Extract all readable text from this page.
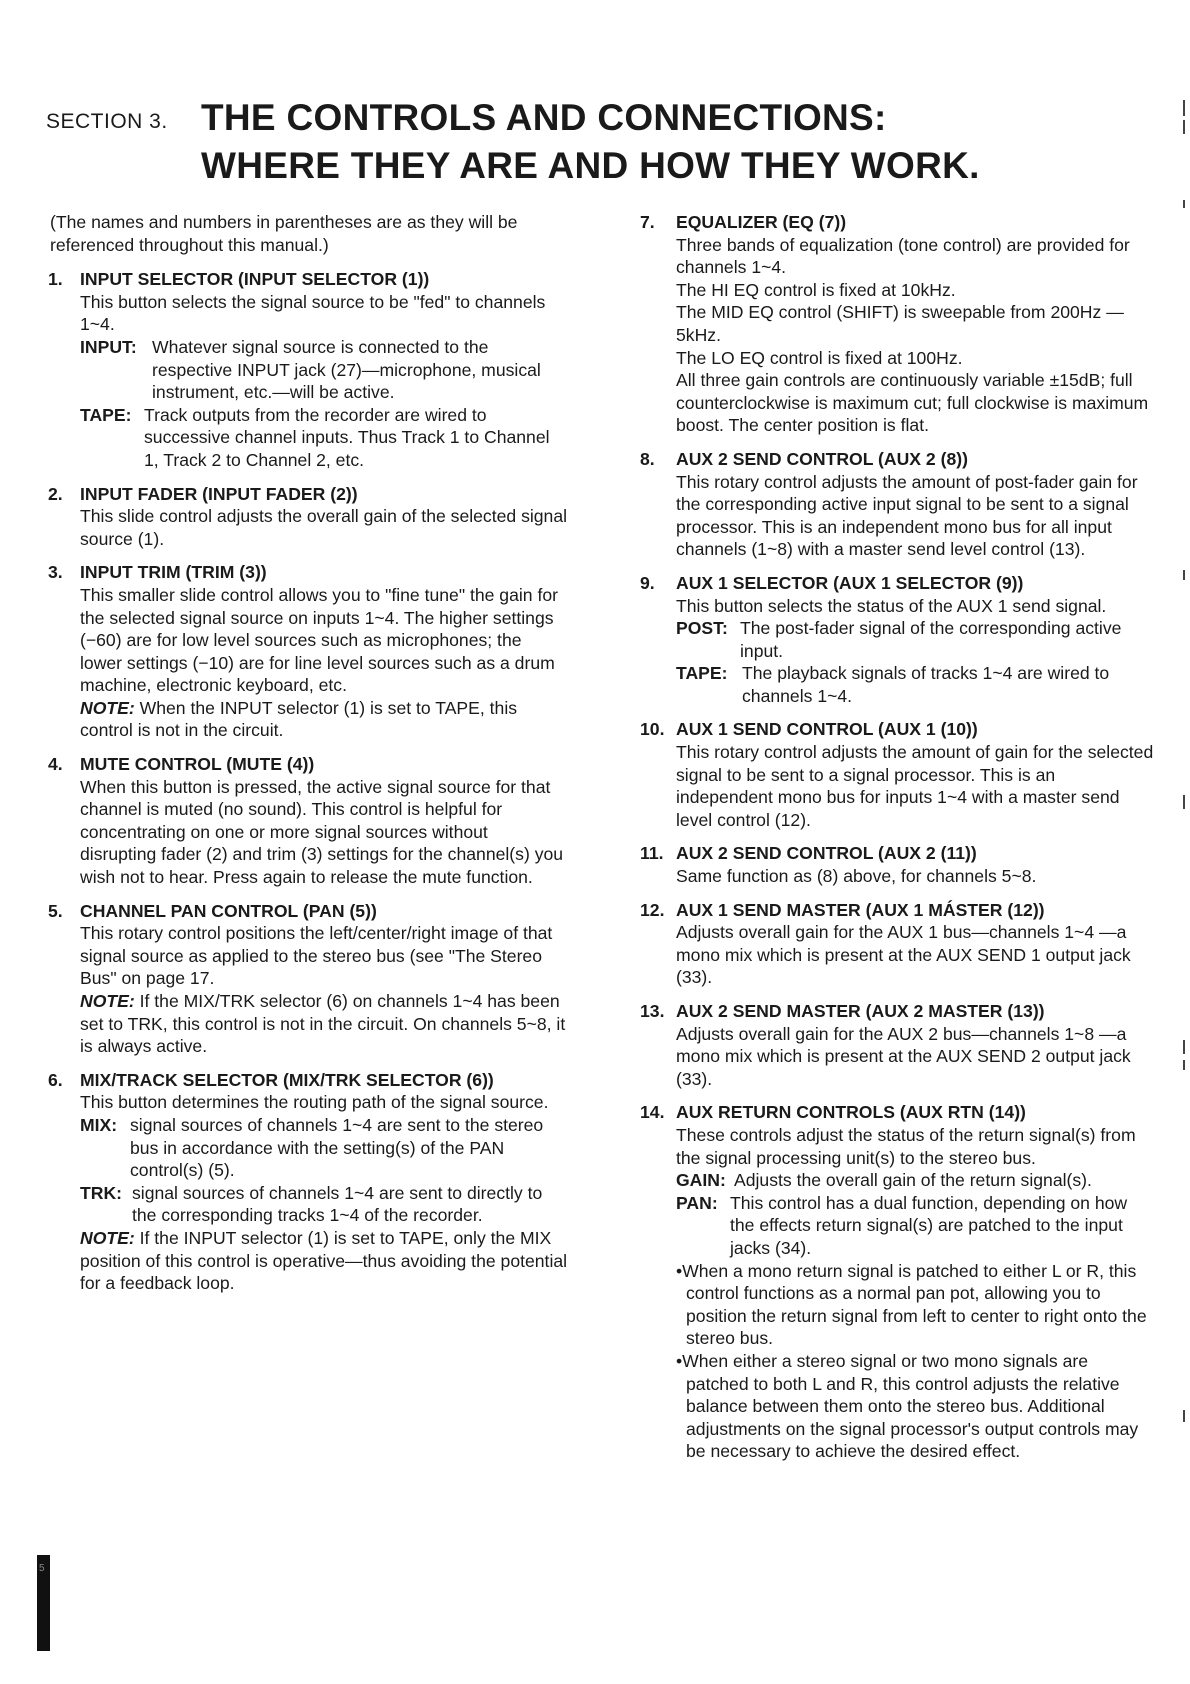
SECTION 3. THE CONTROLS AND CONNECTIONS:
WHERE THEY ARE AND HOW THEY WORK.

(The names and numbers in parentheses are as they will be referenced throughout this manual.)

1. INPUT SELECTOR (INPUT SELECTOR (1))

This button selects the signal source to be "fed" to channels 1~4.

INPUT: Whatever signal source is connected to the respective INPUT jack (27)—microphone, musical instrument, etc.—will be active.
TAPE: Track outputs from the recorder are wired to successive channel inputs. Thus Track 1 to Channel 1, Track 2 to Channel 2, etc.
2. INPUT FADER (INPUT FADER (2))

This slide control adjusts the overall gain of the selected signal source (1).

3. INPUT TRIM (TRIM (3))

This smaller slide control allows you to "fine tune" the gain for the selected signal source on inputs 1~4. The higher settings (−60) are for low level sources such as microphones; the lower settings (−10) are for line level sources such as a drum machine, electronic keyboard, etc.

NOTE: When the INPUT selector (1) is set to TAPE, this control is not in the circuit.

4. MUTE CONTROL (MUTE (4))

When this button is pressed, the active signal source for that channel is muted (no sound). This control is helpful for concentrating on one or more signal sources without disrupting fader (2) and trim (3) settings for the channel(s) you wish not to hear. Press again to release the mute function.

5. CHANNEL PAN CONTROL (PAN (5))

This rotary control positions the left/center/right image of that signal source as applied to the stereo bus (see "The Stereo Bus" on page 17.

NOTE: If the MIX/TRK selector (6) on channels 1~4 has been set to TRK, this control is not in the circuit. On channels 5~8, it is always active.

6. MIX/TRACK SELECTOR (MIX/TRK SELECTOR (6))

This button determines the routing path of the signal source.

MIX: signal sources of channels 1~4 are sent to the stereo bus in accordance with the setting(s) of the PAN control(s) (5).
TRK: signal sources of channels 1~4 are sent to directly to the corresponding tracks 1~4 of the recorder.

NOTE: If the INPUT selector (1) is set to TAPE, only the MIX position of this control is operative—thus avoiding the potential for a feedback loop.

7. EQUALIZER (EQ (7))

Three bands of equalization (tone control) are provided for channels 1~4.

The HI EQ control is fixed at 10kHz.

The MID EQ control (SHIFT) is sweepable from 200Hz —5kHz.

The LO EQ control is fixed at 100Hz.

All three gain controls are continuously variable ±15dB; full counterclockwise is maximum cut; full clockwise is maximum boost. The center position is flat.

8. AUX 2 SEND CONTROL (AUX 2 (8))

This rotary control adjusts the amount of post-fader gain for the corresponding active input signal to be sent to a signal processor. This is an independent mono bus for all input channels (1~8) with a master send level control (13).

9. AUX 1 SELECTOR (AUX 1 SELECTOR (9))

This button selects the status of the AUX 1 send signal.

POST: The post-fader signal of the corresponding active input.
TAPE: The playback signals of tracks 1~4 are wired to channels 1~4.
10. AUX 1 SEND CONTROL (AUX 1 (10))

This rotary control adjusts the amount of gain for the selected signal to be sent to a signal processor. This is an independent mono bus for inputs 1~4 with a master send level control (12).

11. AUX 2 SEND CONTROL (AUX 2 (11))

Same function as (8) above, for channels 5~8.

12. AUX 1 SEND MASTER (AUX 1 MÁSTER (12))

Adjusts overall gain for the AUX 1 bus—channels 1~4 —a mono mix which is present at the AUX SEND 1 output jack (33).

13. AUX 2 SEND MASTER (AUX 2 MASTER (13))

Adjusts overall gain for the AUX 2 bus—channels 1~8 —a mono mix which is present at the AUX SEND 2 output jack (33).

14. AUX RETURN CONTROLS (AUX RTN (14))

These controls adjust the status of the return signal(s) from the signal processing unit(s) to the stereo bus.

GAIN: Adjusts the overall gain of the return signal(s).
PAN: This control has a dual function, depending on how the effects return signal(s) are patched to the input jacks (34).

•When a mono return signal is patched to either L or R, this control functions as a normal pan pot, allowing you to position the return signal from left to center to right onto the stereo bus.

•When either a stereo signal or two mono signals are patched to both L and R, this control adjusts the relative balance between them onto the stereo bus. Additional adjustments on the signal processor's output controls may be necessary to achieve the desired effect.

5
